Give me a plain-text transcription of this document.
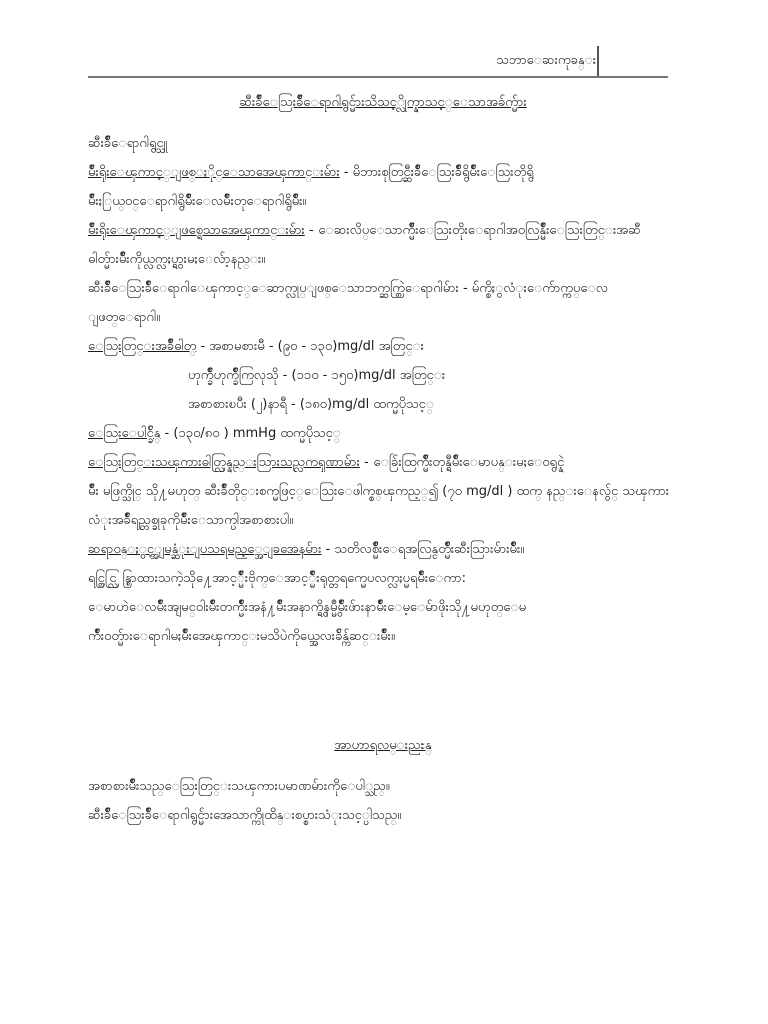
သဘာေဆးကုခန္း
ဆီးခ်ိဳေသြးခ်ိဳေရာဂါရွင္မ်ားသိသင့္လိုက္နာသင့္ေသာအခ်က္မ်ား

ဆီးခ်ိဳေရာဂါရွင္သူ

မ်ိဳးရိုးေၾကာင့္ျဖစ္ႏိုင္ေသာအေၾကာင္းမ်ား - မိဘားစုတြင္ဆီးခ်ိဳေသြးခ်ိဳရွိမ်ဳိးေသြးတိုရွိ

မ်ဳိးႏြယ္ဝင္ေရာဂါရွိမ်ိဳးေလမ်ဳိးတုေရာဂါရွိမ်ဳိး။

မ်ိဳးရိုးေၾကာင့္ျဖစ္ရေသာအေၾကာင္းမ်ား - ေဆးလိပ္ေသာက္မ်ဳိးေသြးတိုးေရာဂါအဝလြန္မ်ဳိးေသြးတြင္းအဆီ

ဓါတ္မ်ားမ်ဳိးကိုယ္လက္လႈပ္ရွားမႈေလ်ာ့နည္း။

ဆီးခ်ိဳေသြးခ်ိဳေရာဂါေၾကာင့္ေဆာက္လုပ္ျဖစ္ေသာဘက္ဆက္တြဲေရာဂါမ်ား - မ်က္စိႏွလံုးေက်ာက္ကပ္ေလ

ျဖတ္ေရာဂါ။

ေသြးတြင္းအခ်ိဳဓါတ္ - အစာမစားမီ - (၉၀ - ၁၃၀)mg/dl အတြင္း

ဟုက္ခ်ိဳဟုက္ခ်ိဳကြလုသို - (၁၁၀ - ၁၅၀)mg/dl အတြင္း

အစာစားၿပီး (၂)နာရီ - (၁၈၀)mg/dl ထက္မပိုသင့္

ေသြးေပါင္ခ်ိန္ - (၁၃၀/၈၀ ) mmHg ထက္မပိုသင့္

ေသြးတြင္းသၾကားဓါတ္လြန္နည္းသြားသည္လကၡဏာမ်ား - ေခ်ြးထြက္မ်ဳိးတုန္ရီမ်ဳိးေမာပန္းမႈေဝရွင္နဲ

မ်ဳိး မဖြက္သိုင္ သို႔မဟုတ္ ဆီးခ်ိဳတိုင္းစက္မဖြင့္ေသြးေဖါက္စစ္ၾကည့္၍ (၇၀ mg/dl ) ထက္ နည္းေနလွ်င္ သၾကား

လံုးအခ်ိဳရည္တစ္ခုခုကိုမ်ဳိးေသာက္ပါအစာစားပါ။

ဆရာဝန္ႏွင့္အျမန္ဆံုးျပသရမည့္အေျခအေနမ်ား - သတိလစ္မ်ဳိးေရအလြန္ငတ္မ်ဳိးဆီးသြားမ်ားမ်ဳိး။

ရင္တြင္လြန္စြာထားသကဲ့သို႔ေအာင့္မ်ဳိးဗိုက္ေအာင့္မ်ဳိးရုတ္တရက္မေပလက္လႈပ္မရမ်ဳိးေကာ:

ေမာဟဲေလမ်ဳိးအျမင္ဝါးမ်ဳိးတက္မ်ဳိးအနံ႔မ်ဳိးအနာက္ရွိနမ္မွဳမ်ဳိးဖ်ားနာမ်ဳိးေမ့ေမ်ာဖိုးသို႔မဟုတ္ေမ

က်ဳိးဝတ္မ်ားေရာဂါမႈမ်ဳိးအေၾကာင္းမသိပဲကိုယ္အေလးခ်ိန္က်ဆင္းမ်ဳိး။

အာဟာရလမ္းညႊန္

အစာစားမ်ဳိးသည္ေသြးတြင္းသၾကားပမာဏမ်ားကိုေပါ္သည္။

ဆီးခ်ိဳေသြးခ်ိဳေရာဂါရွင္မ်ားအေသာက္ကိုထိန္းစပ္စားသံုးသင့္ပါသည္။
